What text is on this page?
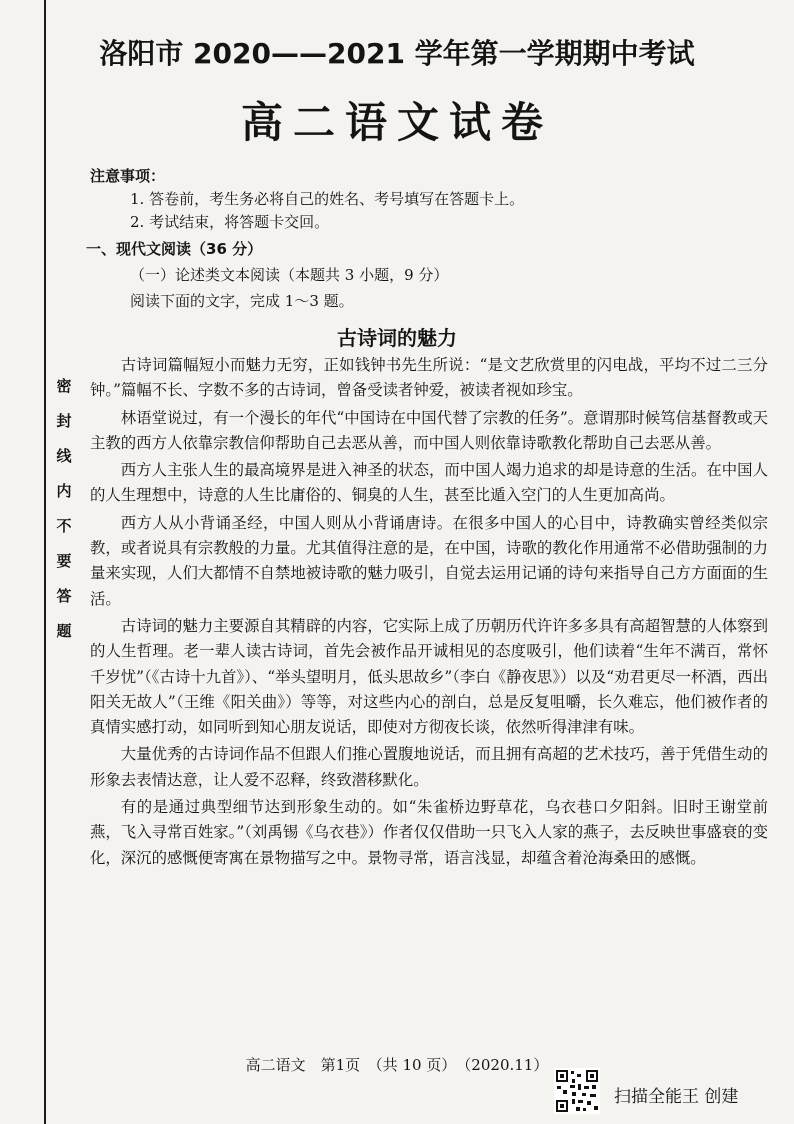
密
封
线
内
不
要
答
题
洛阳市 2020——2021 学年第一学期期中考试
高二语文试卷
注意事项：
1. 答卷前，考生务必将自己的姓名、考号填写在答题卡上。
2. 考试结束，将答题卡交回。
一、现代文阅读（36 分）
（一）论述类文本阅读（本题共 3 小题，9 分）
阅读下面的文字，完成 1～3 题。
古诗词的魅力

古诗词篇幅短小而魅力无穷，正如钱钟书先生所说：“是文艺欣赏里的闪电战，平均不过二三分钟。”篇幅不长、字数不多的古诗词，曾备受读者钟爱，被读者视如珍宝。

林语堂说过，有一个漫长的年代“中国诗在中国代替了宗教的任务”。意谓那时候笃信基督教或天主教的西方人依靠宗教信仰帮助自己去恶从善，而中国人则依靠诗歌教化帮助自己去恶从善。

西方人主张人生的最高境界是进入神圣的状态，而中国人竭力追求的却是诗意的生活。在中国人的人生理想中，诗意的人生比庸俗的、铜臭的人生，甚至比遁入空门的人生更加高尚。

西方人从小背诵圣经，中国人则从小背诵唐诗。在很多中国人的心目中，诗教确实曾经类似宗教，或者说具有宗教般的力量。尤其值得注意的是，在中国，诗歌的教化作用通常不必借助强制的力量来实现，人们大都情不自禁地被诗歌的魅力吸引，自觉去运用记诵的诗句来指导自己方方面面的生活。

古诗词的魅力主要源自其精辟的内容，它实际上成了历朝历代许许多多具有高超智慧的人体察到的人生哲理。老一辈人读古诗词，首先会被作品开诚相见的态度吸引，他们读着“生年不满百，常怀千岁忧”（《古诗十九首》）、“举头望明月，低头思故乡”（李白《静夜思》）以及“劝君更尽一杯酒，西出阳关无故人”（王维《阳关曲》）等等，对这些内心的剖白，总是反复咀嚼，长久难忘，他们被作者的真情实感打动，如同听到知心朋友说话，即使对方彻夜长谈，依然听得津津有味。

大量优秀的古诗词作品不但跟人们推心置腹地说话，而且拥有高超的艺术技巧，善于凭借生动的形象去表情达意，让人爱不忍释，终致潜移默化。

有的是通过典型细节达到形象生动的。如“朱雀桥边野草花，乌衣巷口夕阳斜。旧时王谢堂前燕，飞入寻常百姓家。”（刘禹锡《乌衣巷》）作者仅仅借助一只飞入人家的燕子，去反映世事盛衰的变化，深沉的感慨便寄寓在景物描写之中。景物寻常，语言浅显，却蕴含着沧海桑田的感慨。

高二语文　第1页　（共 10 页）　（2020.11）
扫描全能王 创建
